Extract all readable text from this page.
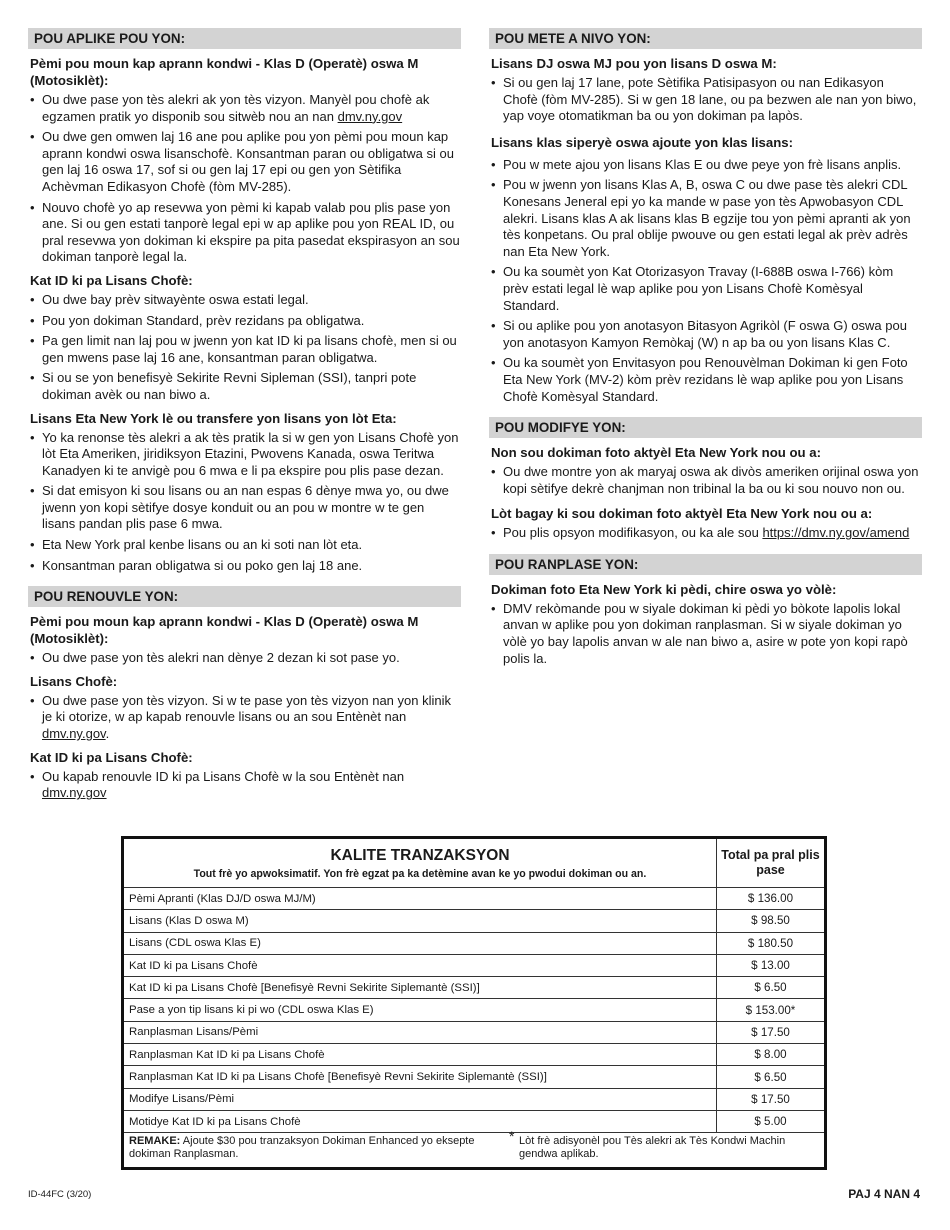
POU APLIKE POU YON:
Pèmi pou moun kap aprann kondwi - Klas D (Operatè) oswa M (Motosiklèt):
• Ou dwe pase yon tès alekri ak yon tès vizyon. Manyèl pou chofè ak egzamen pratik yo disponib sou sitwèb nou an nan dmv.ny.gov
• Ou dwe gen omwen laj 16 ane pou aplike pou yon pèmi pou moun kap aprann kondwi oswa lisanschofè. Konsantman paran ou obligatwa si ou gen laj 16 oswa 17, sof si ou gen laj 17 epi ou gen yon Sètifika Achèvman Edikasyon Chofè (fòm MV-285).
• Nouvo chofè yo ap resevwa yon pèmi ki kapab valab pou plis pase yon ane. Si ou gen estati tanporè legal epi w ap aplike pou yon REAL ID, ou pral resevwa yon dokiman ki ekspire pa pita pasedat ekspirasyon an sou dokiman tanporè legal la.
Kat ID ki pa Lisans Chofè:
• Ou dwe bay prèv sitwayènte oswa estati legal.
• Pou yon dokiman Standard, prèv rezidans pa obligatwa.
• Pa gen limit nan laj pou w jwenn yon kat ID ki pa lisans chofè, men si ou gen mwens pase laj 16 ane, konsantman paran obligatwa.
• Si ou se yon benefisyè Sekirite Revni Sipleman (SSI), tanpri pote dokiman avèk ou nan biwo a.
Lisans Eta New York lè ou transfere yon lisans yon lòt Eta:
• Yo ka renonse tès alekri a ak tès pratik la si w gen yon Lisans Chofè yon lòt Eta Ameriken, jiridiksyon Etazini, Pwovens Kanada, oswa Teritwa Kanadyen ki te anvigè pou 6 mwa e li pa ekspire pou plis pase dezan.
• Si dat emisyon ki sou lisans ou an nan espas 6 dènye mwa yo, ou dwe jwenn yon kopi sètifye dosye konduit ou an pou w montre w te gen lisans pandan plis pase 6 mwa.
• Eta New York pral kenbe lisans ou an ki soti nan lòt eta.
• Konsantman paran obligatwa si ou poko gen laj 18 ane.
POU RENOUVLE YON:
Pèmi pou moun kap aprann kondwi - Klas D (Operatè) oswa M (Motosiklèt):
• Ou dwe pase yon tès alekri nan dènye 2 dezan ki sot pase yo.
Lisans Chofè:
• Ou dwe pase yon tès vizyon. Si w te pase yon tès vizyon nan yon klinik je ki otorize, w ap kapab renouvle lisans ou an sou Entènèt nan dmv.ny.gov.
Kat ID ki pa Lisans Chofè:
• Ou kapab renouvle ID ki pa Lisans Chofè w la sou Entènèt nan dmv.ny.gov
POU METE A NIVO YON:
Lisans DJ oswa MJ pou yon lisans D oswa M:
• Si ou gen laj 17 lane, pote Sètifika Patisipasyon ou nan Edikasyon Chofè (fòm MV-285). Si w gen 18 lane, ou pa bezwen ale nan yon biwo, yap voye otomatikman ba ou yon dokiman pa lapòs.
Lisans klas siperyè oswa ajoute yon klas lisans:
• Pou w mete ajou yon lisans Klas E ou dwe peye yon frè lisans anplis.
• Pou w jwenn yon lisans Klas A, B, oswa C ou dwe pase tès alekri CDL Konesans Jeneral epi yo ka mande w pase yon tès Apwobasyon CDL alekri. Lisans klas A ak lisans klas B egzije tou yon pèmi apranti ak yon tès konpetans. Ou pral oblije pwouve ou gen estati legal ak prèv adrès nan Eta New York.
• Ou ka soumèt yon Kat Otorizasyon Travay (I-688B oswa I-766) kòm prèv estati legal lè wap aplike pou yon Lisans Chofè Komèsyal Standard.
• Si ou aplike pou yon anotasyon Bitasyon Agrikòl (F oswa G) oswa pou yon anotasyon Kamyon Remòkaj (W) n ap ba ou yon lisans Klas C.
• Ou ka soumèt yon Envitasyon pou Renouvèlman Dokiman ki gen Foto Eta New York (MV-2) kòm prèv rezidans lè wap aplike pou yon Lisans Chofè Komèsyal Standard.
POU MODIFYE YON:
Non sou dokiman foto aktyèl Eta New York nou ou a:
• Ou dwe montre yon ak maryaj oswa ak divòs ameriken orijinal oswa yon kopi sètifye dekrè chanjman non tribinal la ba ou ki sou nouvo non ou.
Lòt bagay ki sou dokiman foto aktyèl Eta New York nou ou a:
• Pou plis opsyon modifikasyon, ou ka ale sou https://dmv.ny.gov/amend
POU RANPLASE YON:
Dokiman foto Eta New York ki pèdi, chire oswa yo vòlè:
• DMV rekòmande pou w siyale dokiman ki pèdi yo bòkote lapolis lokal anvan w aplike pou yon dokiman ranplasman. Si w siyale dokiman yo vòlè yo bay lapolis anvan w ale nan biwo a, asire w pote yon kopi rapò polis la.
KALITE TRANZAKSYON
Tout frè yo apwoksimatif. Yon frè egzat pa ka detèmine avan ke yo pwodui dokiman ou an.
Total pa pral plis pase
Pèmi Apranti (Klas DJ/D oswa MJ/M)	$ 136.00
Lisans (Klas D oswa M)	$ 98.50
Lisans (CDL oswa Klas E)	$ 180.50
Kat ID ki pa Lisans Chofè	$ 13.00
Kat ID ki pa Lisans Chofè [Benefisyè Revni Sekirite Siplemantè (SSI)]	$ 6.50
Pase a yon tip lisans ki pi wo (CDL oswa Klas E)	$ 153.00*
Ranplasman Lisans/Pèmi	$ 17.50
Ranplasman Kat ID ki pa Lisans Chofè	$ 8.00
Ranplasman Kat ID ki pa Lisans Chofè [Benefisyè Revni Sekirite Siplemantè (SSI)]	$ 6.50
Modifye Lisans/Pèmi	$ 17.50
Motidye Kat ID ki pa Lisans Chofè	$ 5.00
REMAKE: Ajoute $30 pou tranzaksyon Dokiman Enhanced yo eksepte dokiman Ranplasman.
* Lòt frè adisyonèl pou Tès alekri ak Tès Kondwi Machin gendwa aplikab.
ID-44FC (3/20)	PAJ 4 NAN 4
